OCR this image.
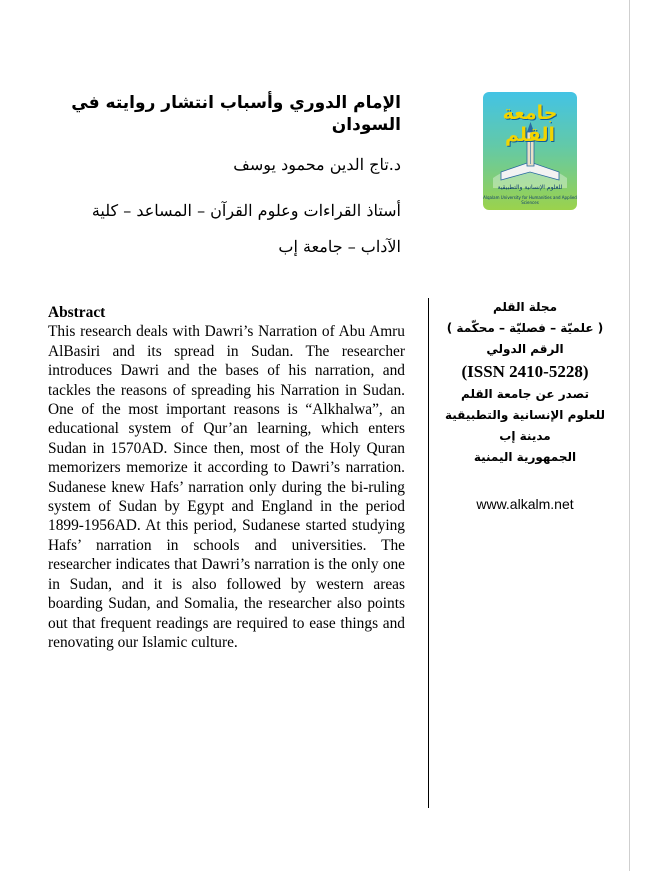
الإمام الدوري وأسباب انتشار روايته في السودان

د.تاج الدين محمود يوسف

أستاذ القراءات وعلوم القرآن – المساعد – كلية

الآداب – جامعة إب

جامعة القلم
للعلوم الإنسانية والتطبيقية
Alqalam University for Humanities and Applied Sciences

Abstract

This research deals with Dawri’s Narration of Abu Amru AlBasiri and its spread in Sudan. The researcher introduces Dawri and the bases of his narration, and tackles the reasons of spreading his Narration in Sudan. One of the most important reasons is “Alkhalwa”, an educational system of Qur’an learning, which enters Sudan in 1570AD. Since then, most of the Holy Quran memorizers memorize it according to Dawri’s narration. Sudanese knew Hafs’ narration only during the bi-ruling system of Sudan by Egypt and England in the period 1899-1956AD. At this period, Sudanese started studying Hafs’ narration in schools and universities. The researcher indicates that Dawri’s narration is the only one in Sudan, and it is also followed by western areas boarding Sudan, and Somalia, the researcher also points out that frequent readings are required to ease things and renovating our Islamic culture.

مجلة القلم

( علميّة – فصليّة – محكّمة )

الرقم الدولي

(ISSN 2410-5228)

تصدر عن جامعة القلم

للعلوم الإنسانية والتطبيقية

مدينة إب

الجمهورية اليمنية

www.alkalm.net
